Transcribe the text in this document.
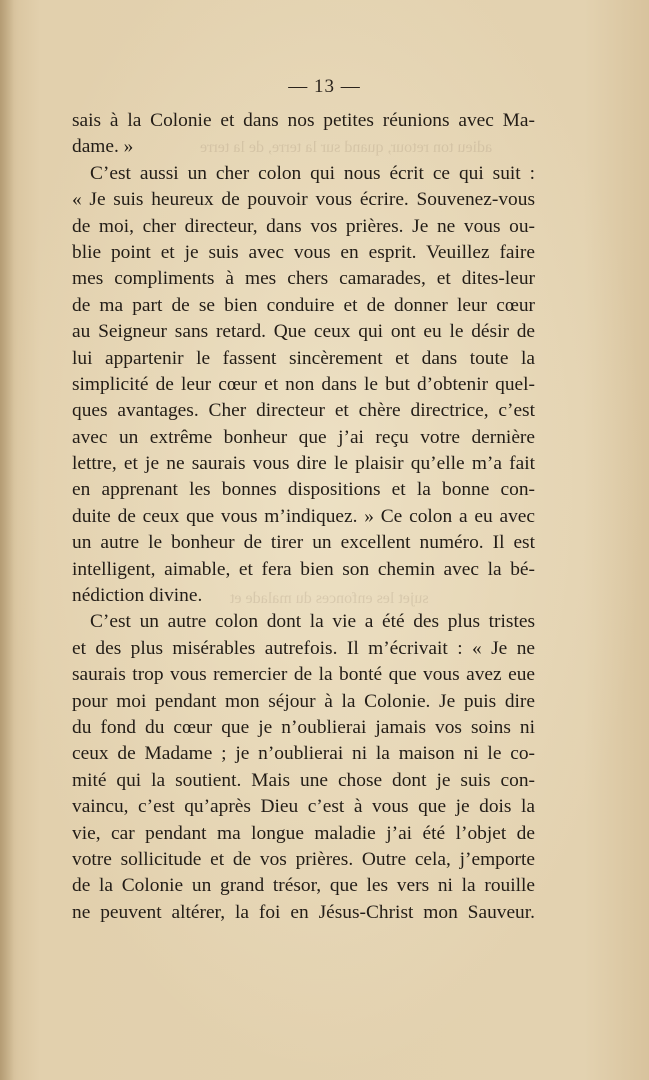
adieu ton retour, quand sur la terre, de la terre
sujet les enfonces du malade et
— 13 —
sais à la Colonie et dans nos petites réunions avec Ma-
dame. »
C’est aussi un cher colon qui nous écrit ce qui suit :
« Je suis heureux de pouvoir vous écrire. Souvenez-vous
de moi, cher directeur, dans vos prières. Je ne vous ou-
blie point et je suis avec vous en esprit. Veuillez faire
mes compliments à mes chers camarades, et dites-leur
de ma part de se bien conduire et de donner leur cœur
au Seigneur sans retard. Que ceux qui ont eu le désir de
lui appartenir le fassent sincèrement et dans toute la
simplicité de leur cœur et non dans le but d’obtenir quel-
ques avantages. Cher directeur et chère directrice, c’est
avec un extrême bonheur que j’ai reçu votre dernière
lettre, et je ne saurais vous dire le plaisir qu’elle m’a fait
en apprenant les bonnes dispositions et la bonne con-
duite de ceux que vous m’indiquez. » Ce colon a eu avec
un autre le bonheur de tirer un excellent numéro. Il est
intelligent, aimable, et fera bien son chemin avec la bé-
nédiction divine.
C’est un autre colon dont la vie a été des plus tristes
et des plus misérables autrefois. Il m’écrivait : « Je ne
saurais trop vous remercier de la bonté que vous avez eue
pour moi pendant mon séjour à la Colonie. Je puis dire
du fond du cœur que je n’oublierai jamais vos soins ni
ceux de Madame ; je n’oublierai ni la maison ni le co-
mité qui la soutient. Mais une chose dont je suis con-
vaincu, c’est qu’après Dieu c’est à vous que je dois la
vie, car pendant ma longue maladie j’ai été l’objet de
votre sollicitude et de vos prières. Outre cela, j’emporte
de la Colonie un grand trésor, que les vers ni la rouille
ne peuvent altérer, la foi en Jésus-Christ mon Sauveur.
